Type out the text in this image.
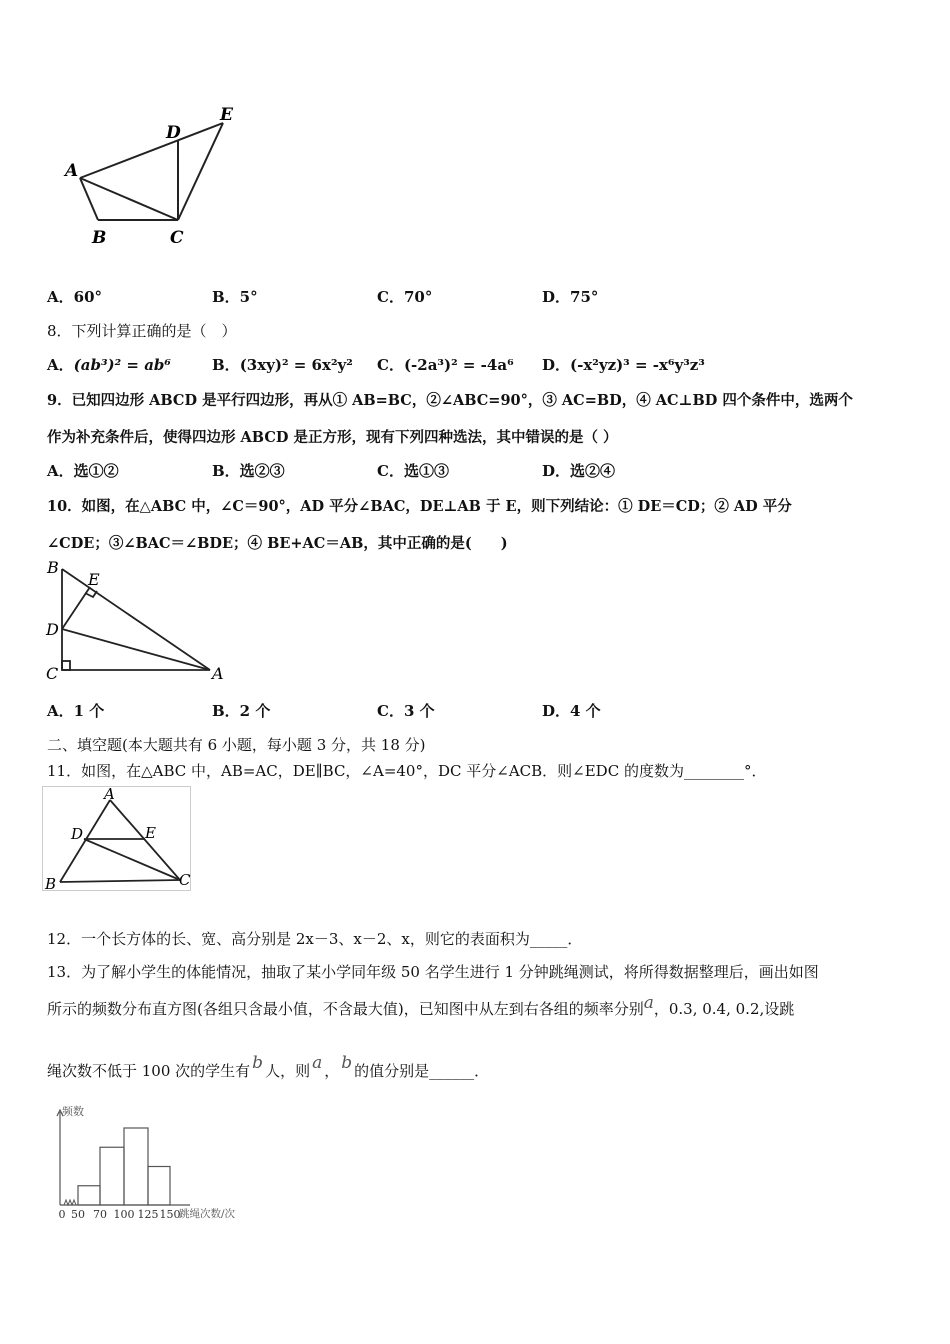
A
B	C
D
E
A．60°	B．5°	C．70°	D．75°
8．下列计算正确的是（　）
A．(ab³)² = ab⁶	B．(3xy)² = 6x²y² C．(-2a³)² = -4a⁶ D．(-x²yz)³ = -x⁶y³z³
9．已知四边形 ABCD 是平行四边形，再从① AB=BC，②∠ABC=90°，③ AC=BD，④ AC⊥BD 四个条件中，选两个
作为补充条件后，使得四边形 ABCD 是正方形，现有下列四种选法，其中错误的是（ ）
A．选①②	B．选②③	C．选①③	D．选②④
10．如图，在△ABC 中，∠C＝90°，AD 平分∠BAC，DE⊥AB 于 E，则下列结论：① DE＝CD；② AD 平分
∠CDE；③∠BAC＝∠BDE；④ BE+AC＝AB，其中正确的是(　　)
B
E
D
C	A
A．1 个	B．2 个	C．3 个	D．4 个
二、填空题(本大题共有 6 小题，每小题 3 分，共 18 分)
11．如图，在△ABC 中，AB=AC，DE∥BC，∠A=40°，DC 平分∠ACB．则∠EDC 的度数为________°．
A
D	E
B	C
12．一个长方体的长、宽、高分别是 2x－3、x－2、x，则它的表面积为_____．
13．为了解小学生的体能情况，抽取了某小学同年级 50 名学生进行 1 分钟跳绳测试，将所得数据整理后，画出如图
所示的频数分布直方图(各组只含最小值，不含最大值)，已知图中从左到右各组的频率分别a，0.3, 0.4, 0.2,设跳
绳次数不低于 100 次的学生有 b 人，则 a ， b 的值分别是______．
频数
跳绳次数/次
0 50 70 100 125 150
